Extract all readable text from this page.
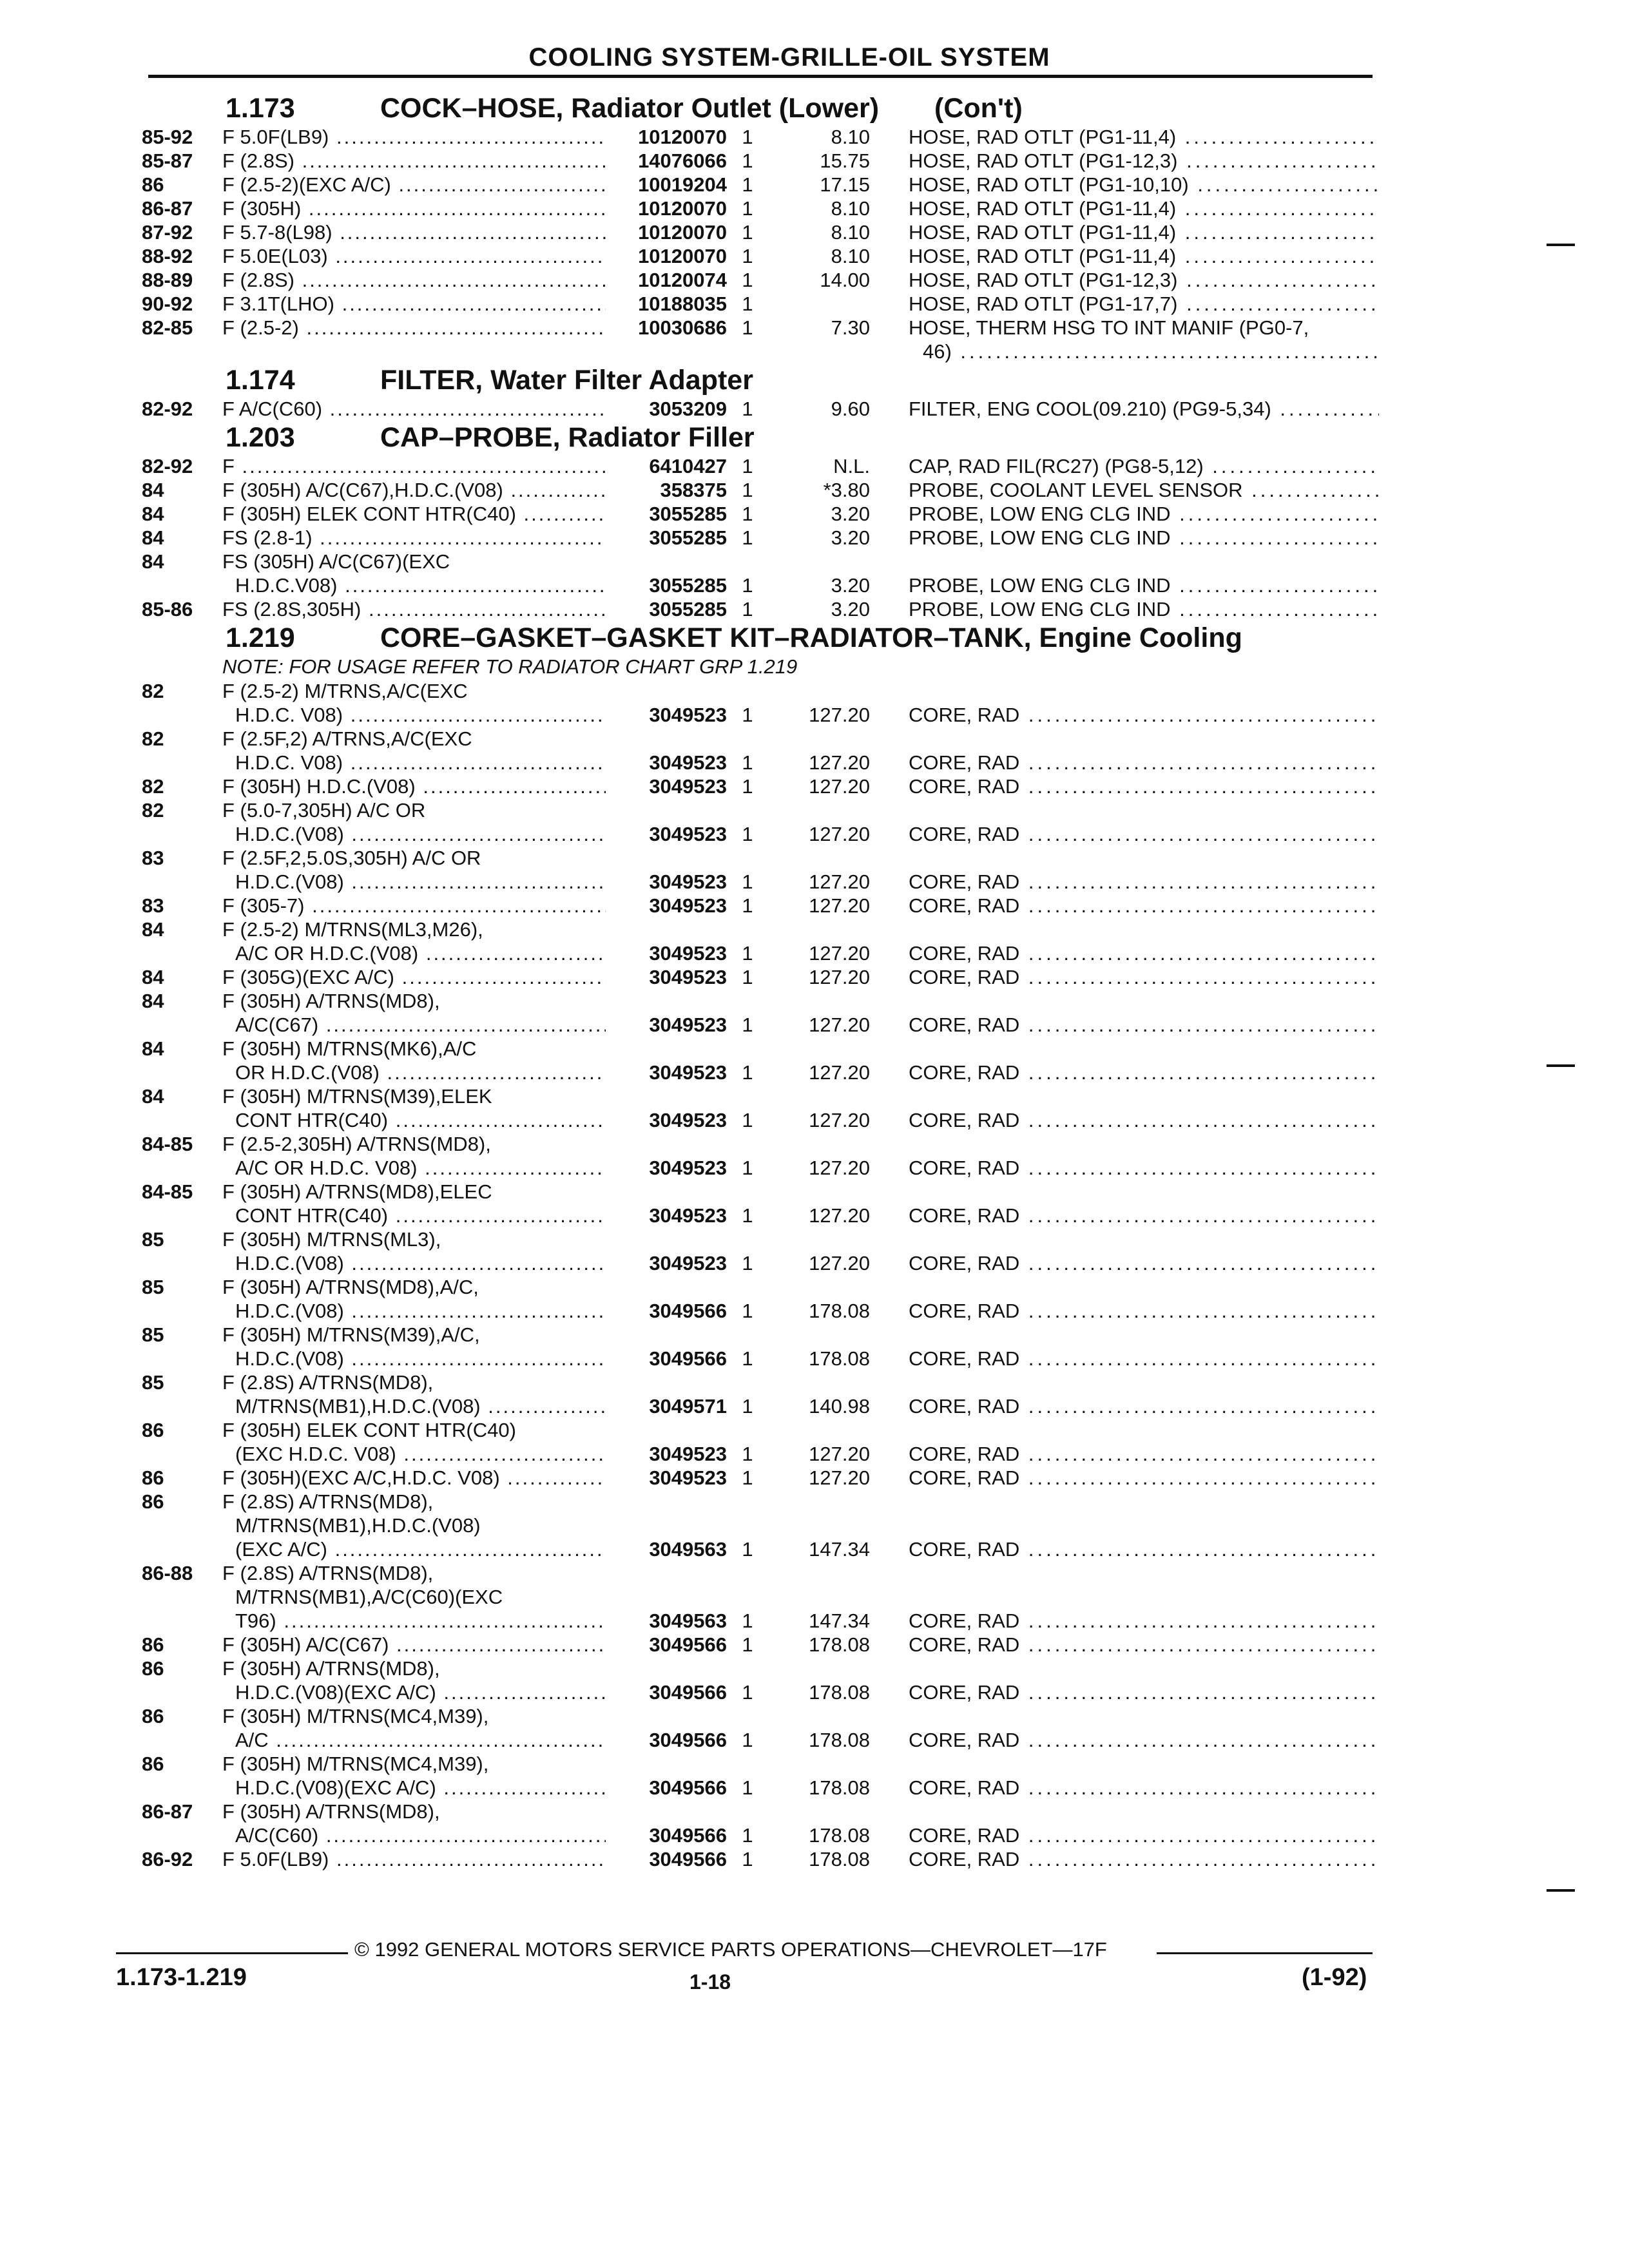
COOLING SYSTEM-GRILLE-OIL SYSTEM
1.173	COCK–HOSE, Radiator Outlet (Lower) (Con't)
85-92 F 5.0F(LB9) .....	10120070 1	8.10 HOSE, RAD OTLT (PG1-11,4) .....
85-87 F (2.8S) .....	14076066 1	15.75 HOSE, RAD OTLT (PG1-12,3) .....
86	F (2.5-2)(EXC A/C) .....	10019204 1	17.15 HOSE, RAD OTLT (PG1-10,10) .....
86-87 F (305H) .....	10120070 1	8.10 HOSE, RAD OTLT (PG1-11,4) .....
87-92 F 5.7-8(L98) .....	10120070 1	8.10 HOSE, RAD OTLT (PG1-11,4) .....
88-92 F 5.0E(L03) .....	10120070 1	8.10 HOSE, RAD OTLT (PG1-11,4) .....
88-89 F (2.8S) .....	10120074 1	14.00 HOSE, RAD OTLT (PG1-12,3) .....
90-92 F 3.1T(LHO) .....	10188035 1	HOSE, RAD OTLT (PG1-17,7) .....
82-85 F (2.5-2) .....	10030686 1	7.30 HOSE, THERM HSG TO INT MANIF (PG0-7,
46) .....
1.174	FILTER, Water Filter Adapter
82-92 F A/C(C60) .....	3053209 1	9.60 FILTER, ENG COOL(09.210) (PG9-5,34) .....
1.203	CAP–PROBE, Radiator Filler
82-92 F .....	6410427 1	N.L. CAP, RAD FIL(RC27) (PG8-5,12) .....
84	F (305H) A/C(C67),H.D.C.(V08) .....	358375 1	*3.80 PROBE, COOLANT LEVEL SENSOR .....
84	F (305H) ELEK CONT HTR(C40) .....	3055285 1	3.20 PROBE, LOW ENG CLG IND .....
84	FS (2.8-1) .....	3055285 1	3.20 PROBE, LOW ENG CLG IND .....
84	FS (305H) A/C(C67)(EXC
H.D.C.V08) .....	3055285 1	3.20 PROBE, LOW ENG CLG IND .....
85-86 FS (2.8S,305H) .....	3055285 1	3.20 PROBE, LOW ENG CLG IND .....
1.219	CORE–GASKET–GASKET KIT–RADIATOR–TANK, Engine Cooling
NOTE: FOR USAGE REFER TO RADIATOR CHART GRP 1.219
82	F (2.5-2) M/TRNS,A/C(EXC
H.D.C. V08) .....	3049523 1	127.20 CORE, RAD .....
82	F (2.5F,2) A/TRNS,A/C(EXC
H.D.C. V08) .....	3049523 1	127.20 CORE, RAD .....
82	F (305H) H.D.C.(V08) .....	3049523 1	127.20 CORE, RAD .....
82	F (5.0-7,305H) A/C OR
H.D.C.(V08) .....	3049523 1	127.20 CORE, RAD .....
83	F (2.5F,2,5.0S,305H) A/C OR
H.D.C.(V08) .....	3049523 1	127.20 CORE, RAD .....
83	F (305-7) .....	3049523 1	127.20 CORE, RAD .....
84	F (2.5-2) M/TRNS(ML3,M26),
A/C OR H.D.C.(V08) .....	3049523 1	127.20 CORE, RAD .....
84	F (305G)(EXC A/C) .....	3049523 1	127.20 CORE, RAD .....
84	F (305H) A/TRNS(MD8),
A/C(C67) .....	3049523 1	127.20 CORE, RAD .....
84	F (305H) M/TRNS(MK6),A/C
OR H.D.C.(V08) .....	3049523 1	127.20 CORE, RAD .....
84	F (305H) M/TRNS(M39),ELEK
CONT HTR(C40) .....	3049523 1	127.20 CORE, RAD .....
84-85 F (2.5-2,305H) A/TRNS(MD8),
A/C OR H.D.C. V08) .....	3049523 1	127.20 CORE, RAD .....
84-85 F (305H) A/TRNS(MD8),ELEC
CONT HTR(C40) .....	3049523 1	127.20 CORE, RAD .....
85	F (305H) M/TRNS(ML3),
H.D.C.(V08) .....	3049523 1	127.20 CORE, RAD .....
85	F (305H) A/TRNS(MD8),A/C,
H.D.C.(V08) .....	3049566 1	178.08 CORE, RAD .....
85	F (305H) M/TRNS(M39),A/C,
H.D.C.(V08) .....	3049566 1	178.08 CORE, RAD .....
85	F (2.8S) A/TRNS(MD8),
M/TRNS(MB1),H.D.C.(V08) .....	3049571 1	140.98 CORE, RAD .....
86	F (305H) ELEK CONT HTR(C40)
(EXC H.D.C. V08) .....	3049523 1	127.20 CORE, RAD .....
86	F (305H)(EXC A/C,H.D.C. V08) .....	3049523 1	127.20 CORE, RAD .....
86	F (2.8S) A/TRNS(MD8),
M/TRNS(MB1),H.D.C.(V08)
(EXC A/C) .....	3049563 1	147.34 CORE, RAD .....
86-88 F (2.8S) A/TRNS(MD8),
M/TRNS(MB1),A/C(C60)(EXC
T96) .....	3049563 1	147.34 CORE, RAD .....
86	F (305H) A/C(C67) .....	3049566 1	178.08 CORE, RAD .....
86	F (305H) A/TRNS(MD8),
H.D.C.(V08)(EXC A/C) .....	3049566 1	178.08 CORE, RAD .....
86	F (305H) M/TRNS(MC4,M39),
A/C .....	3049566 1	178.08 CORE, RAD .....
86	F (305H) M/TRNS(MC4,M39),
H.D.C.(V08)(EXC A/C) .....	3049566 1	178.08 CORE, RAD .....
86-87 F (305H) A/TRNS(MD8),
A/C(C60) .....	3049566 1	178.08 CORE, RAD .....
86-92 F 5.0F(LB9) .....	3049566 1	178.08 CORE, RAD .....
© 1992 GENERAL MOTORS SERVICE PARTS OPERATIONS—CHEVROLET—17F
1.173-1.219	1-18	(1-92)
